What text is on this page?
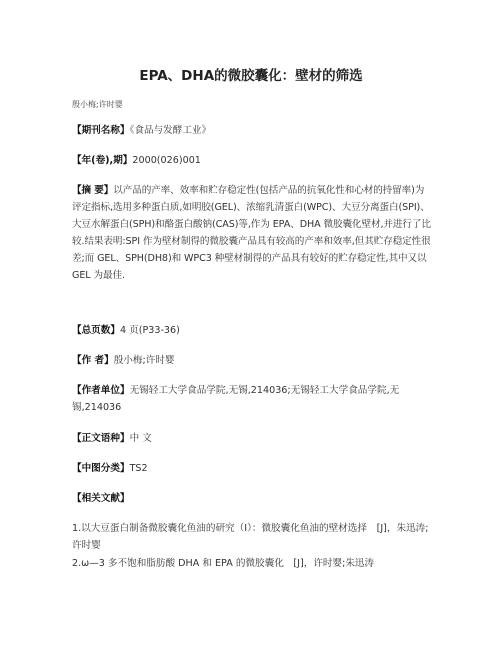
EPA、DHA的微胶囊化：壁材的筛选
殷小梅;许时婴
【期刊名称】《食品与发酵工业》
【年(卷),期】2000(026)001
【摘 要】以产品的产率、效率和贮存稳定性(包括产品的抗氧化性和心材的持留率)为评定指标,选用多种蛋白质,如明胶(GEL)、浓缩乳清蛋白(WPC)、大豆分离蛋白(SPI)、大豆水解蛋白(SPH)和酪蛋白酸钠(CAS)等,作为 EPA、DHA 微胶囊化壁材,并进行了比较.结果表明:SPI 作为壁材制得的微胶囊产品具有较高的产率和效率,但其贮存稳定性很差;而 GEL、SPH(DH8)和 WPC3 种壁材制得的产品具有较好的贮存稳定性,其中又以 GEL 为最佳.
【总页数】4 页(P33-36)
【作 者】殷小梅;许时婴
【作者单位】无锡轻工大学食品学院,无锡,214036;无锡轻工大学食品学院,无锡,214036
【正文语种】中 文
【中图分类】TS2
【相关文献】
1.以大豆蛋白制备微胶囊化鱼油的研究（Ⅰ）：微胶囊化鱼油的壁材选择　[J]，朱迅涛;许时婴
2.ω—3 多不饱和脂肪酸 DHA 和 EPA 的微胶囊化　[J]，许时婴;朱迅涛
